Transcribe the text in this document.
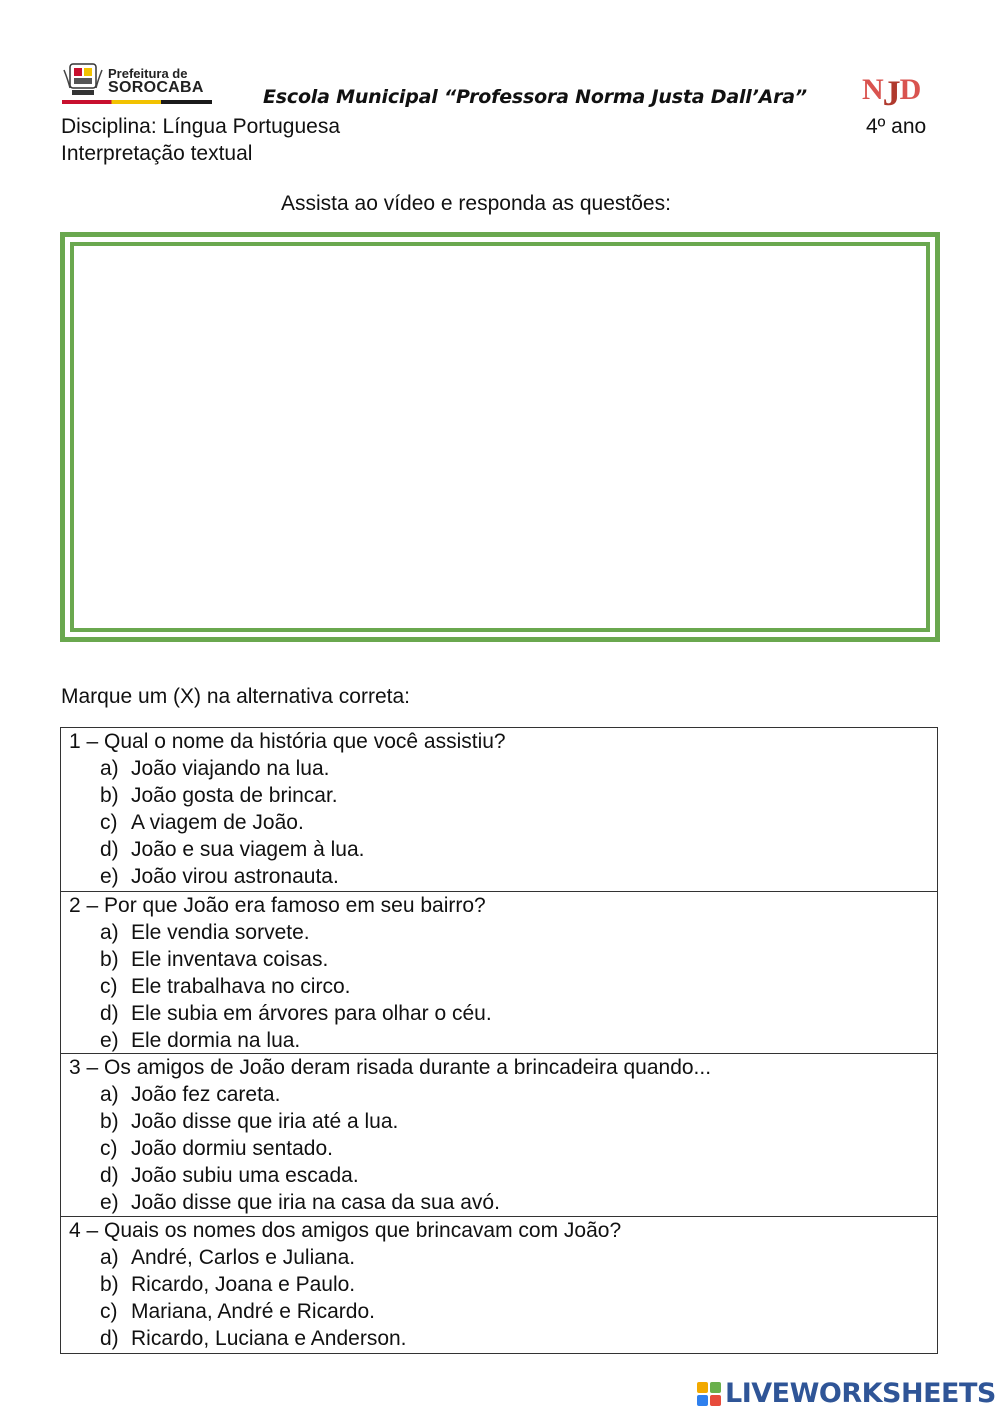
Prefeitura de
SOROCABA	Escola Municipal “Professora Norma Justa Dall’Ara” NJD
Disciplina: Língua Portuguesa	4º ano
Interpretação textual
Assista ao vídeo e responda as questões:
Marque um (X) na alternativa correta:
1 – Qual o nome da história que você assistiu?
a) João viajando na lua.
b) João gosta de brincar.
c) A viagem de João.
d) João e sua viagem à lua.
e) João virou astronauta.
2 – Por que João era famoso em seu bairro?
a) Ele vendia sorvete.
b) Ele inventava coisas.
c) Ele trabalhava no circo.
d) Ele subia em árvores para olhar o céu.
e) Ele dormia na lua.
3 – Os amigos de João deram risada durante a brincadeira quando...
a) João fez careta.
b) João disse que iria até a lua.
c) João dormiu sentado.
d) João subiu uma escada.
e) João disse que iria na casa da sua avó.
4 – Quais os nomes dos amigos que brincavam com João?
a) André, Carlos e Juliana.
b) Ricardo, Joana e Paulo.
c) Mariana, André e Ricardo.
d) Ricardo, Luciana e Anderson.
LIVEWORKSHEETS
